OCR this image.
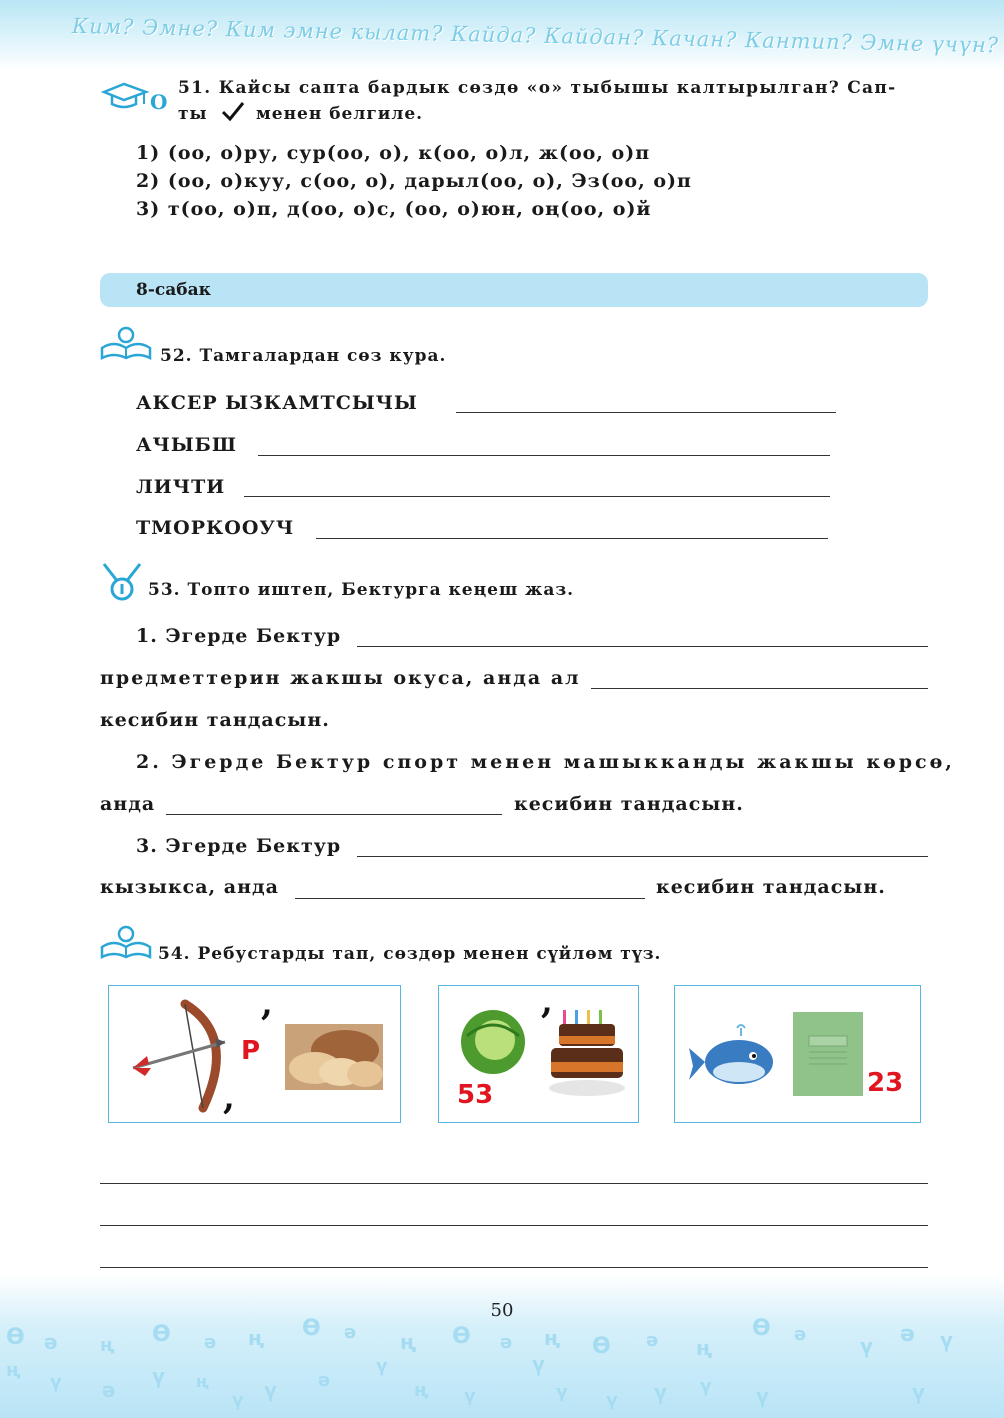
Ким? Эмне? Ким эмне кылат? Кайда? Кайдан? Качан? Кантип? Эмне үчүн?
О
51. Кайсы сапта бардык сөздө «о» тыбышы калтырылган? Сап-
ты	менен белгиле.
1) (оо, о)ру, сур(оо, о), к(оо, о)л, ж(оо, о)п
2) (оо, о)куу, с(оо, о), дарыл(оо, о), Эз(оо, о)п
3) т(оо, о)п, д(оо, о)с, (оо, о)юн, оң(оо, о)й
8-сабак
52. Тамгалардан сөз кура.
АКСЕР ЫЗКАМТСЫЧЫ
АЧЫБШ
ЛИЧТИ
ТМОРКООУЧ
53. Топто иштеп, Бектурга кеңеш жаз.
1. Эгерде Бектур
предметтерин жакшы окуса, анда ал
кесибин тандасын.
2. Эгерде Бектур спорт менен машыкканды жакшы көрсө,
анда	кесибин тандасын.
3. Эгерде Бектур
кызыкса, анда	кесибин тандасын.
54. Ребустарды тап, сөздөр менен сүйлөм түз.
Р
,
,	53
,
23
50
Ө ə ң Ө ə ң Ө ə ң Ө ə ң Ө ə ң
Ө ə	ү ə ү
ң
ү ə
ү ң
ү ү ə
ү
ң ү
ү
ү ү ү ү ү	ү
